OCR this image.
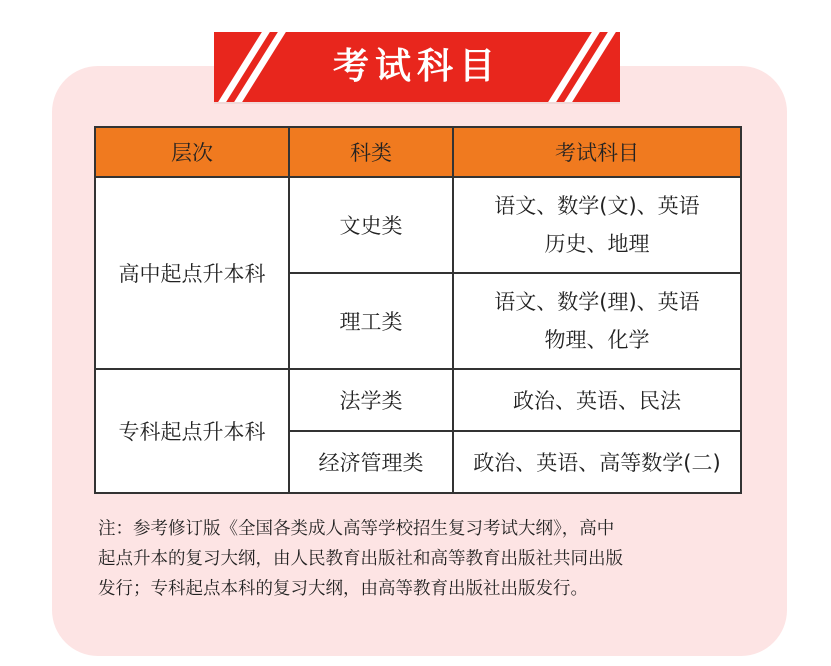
考试科目
层次	科类	考试科目
高中起点升本科	文史类	语文、数学(文)、英语
历史、地理

	理工类	语文、数学(理)、英语
物理、化学

专科起点升本科	法学类	政治、英语、民法
	经济管理类	政治、英语、高等数学(二)
注：参考修订版《全国各类成人高等学校招生复习考试大纲》，高中
起点升本的复习大纲，由人民教育出版社和高等教育出版社共同出版
发行；专科起点本科的复习大纲，由高等教育出版社出版发行。
